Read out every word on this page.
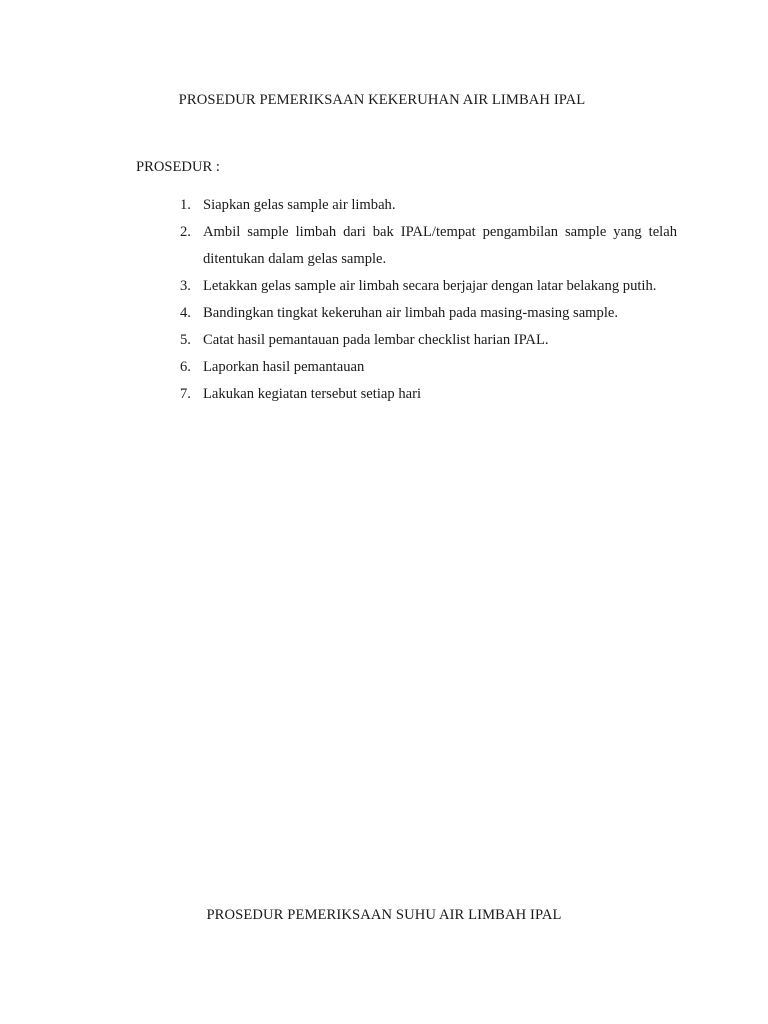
PROSEDUR PEMERIKSAAN KEKERUHAN AIR LIMBAH IPAL

PROSEDUR :

1. Siapkan gelas sample air limbah.
2. Ambil sample limbah dari bak IPAL/tempat pengambilan sample yang telah ditentukan dalam gelas sample.
3. Letakkan gelas sample air limbah secara berjajar dengan latar belakang putih.
4. Bandingkan tingkat kekeruhan air limbah pada masing-masing sample.
5. Catat hasil pemantauan pada lembar checklist harian IPAL.
6. Laporkan hasil pemantauan
7. Lakukan kegiatan tersebut setiap hari
PROSEDUR PEMERIKSAAN SUHU AIR LIMBAH IPAL
